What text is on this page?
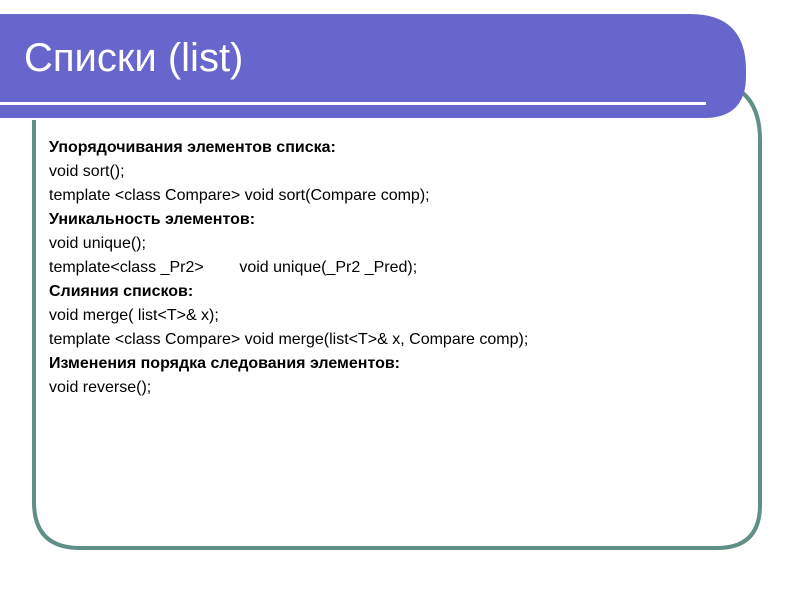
Списки (list)
Упорядочивания элементов списка:
void sort();
template <class Compare> void sort(Compare comp);
Уникальность элементов:
void unique();
template<class _Pr2>        void unique(_Pr2 _Pred);
Слияния списков:
void merge( list<T>& x);
template <class Compare> void merge(list<T>& x, Compare comp);
Изменения порядка следования элементов:
void reverse();
